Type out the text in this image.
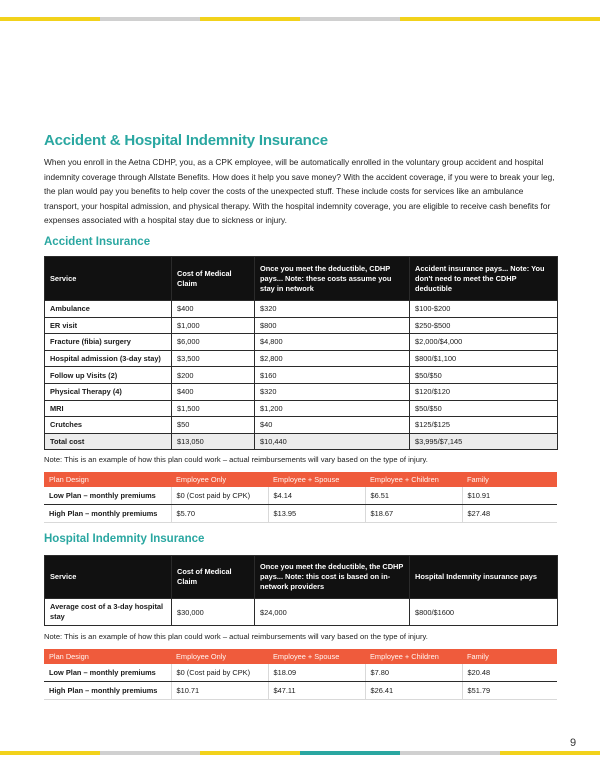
Accident & Hospital Indemnity Insurance

When you enroll in the Aetna CDHP, you, as a CPK employee, will be automatically enrolled in the voluntary group accident and hospital indemnity coverage through Allstate Benefits. How does it help you save money? With the accident coverage, if you were to break your leg, the plan would pay you benefits to help cover the costs of the unexpected stuff. These include costs for services like an ambulance transport, your hospital admission, and physical therapy. With the hospital indemnity coverage, you are eligible to receive cash benefits for expenses associated with a hospital stay due to sickness or injury.

Accident Insurance
Service	Cost of Medical Claim	Once you meet the deductible, CDHP pays... Note: these costs assume you stay in network	Accident insurance pays... Note: You don't need to meet the CDHP deductible
Ambulance	$400	$320	$100-$200
ER visit	$1,000	$800	$250-$500
Fracture (fibia) surgery	$6,000	$4,800	$2,000/$4,000
Hospital admission (3-day stay)	$3,500	$2,800	$800/$1,100
Follow up Visits (2)	$200	$160	$50/$50
Physical Therapy (4)	$400	$320	$120/$120
MRI	$1,500	$1,200	$50/$50
Crutches	$50	$40	$125/$125
Total cost	$13,050	$10,440	$3,995/$7,145

Note: This is an example of how this plan could work – actual reimbursements will vary based on the type of injury.

Plan Design	Employee Only	Employee + Spouse	Employee + Children	Family
Low Plan – monthly premiums	$0 (Cost paid by CPK)	$4.14	$6.51	$10.91
High Plan – monthly premiums	$5.70	$13.95	$18.67	$27.48
Hospital Indemnity Insurance
Service	Cost of Medical Claim	Once you meet the deductible, the CDHP pays... Note: this cost is based on in-network providers	Hospital Indemnity insurance pays
Average cost of a 3-day hospital stay	$30,000	$24,000	$800/$1600

Note: This is an example of how this plan could work – actual reimbursements will vary based on the type of injury.

Plan Design	Employee Only	Employee + Spouse	Employee + Children	Family
Low Plan – monthly premiums	$0 (Cost paid by CPK)	$18.09	$7.80	$20.48
High Plan – monthly premiums	$10.71	$47.11	$26.41	$51.79
9
